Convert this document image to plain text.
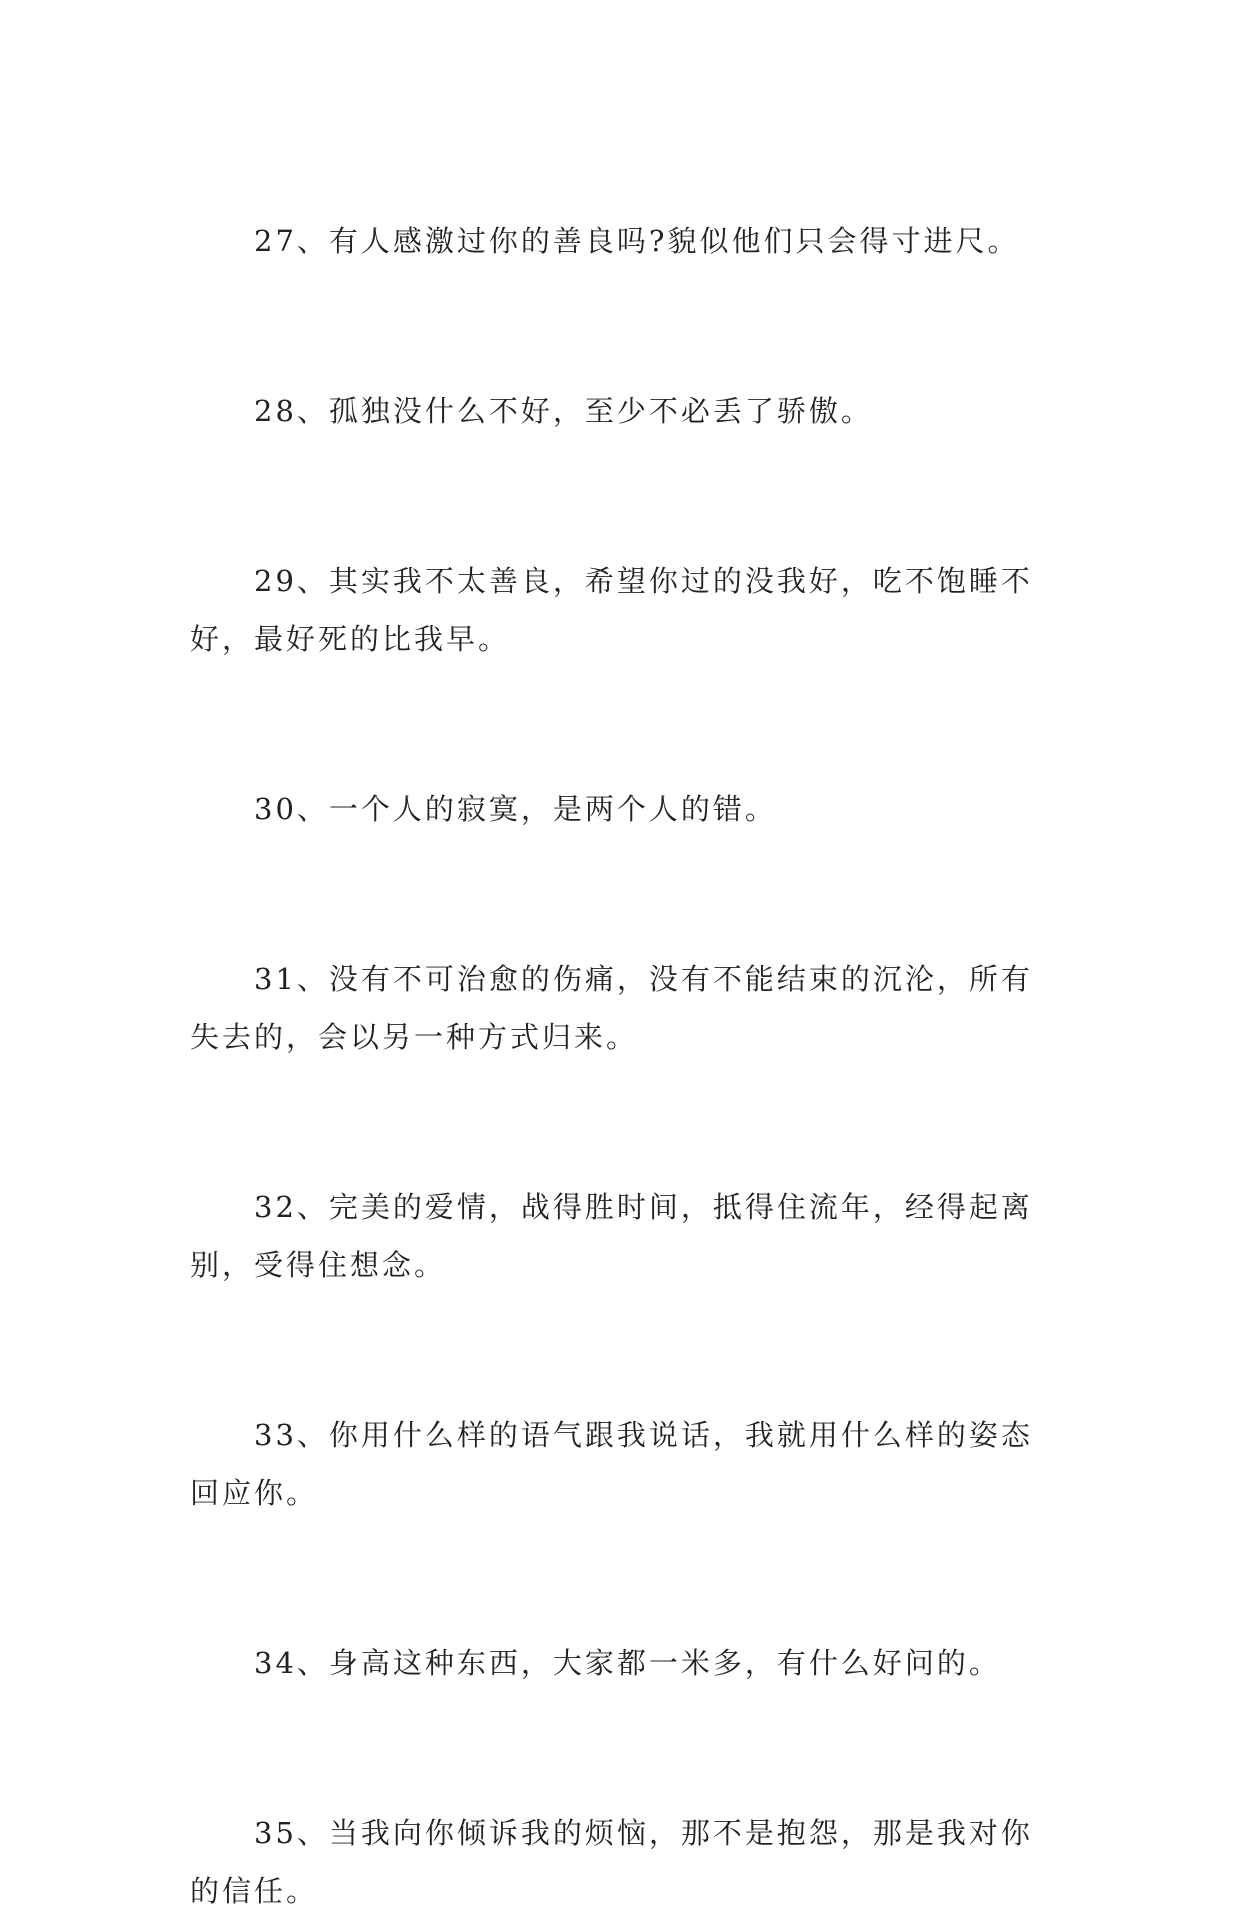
27、有人感激过你的善良吗?貌似他们只会得寸进尺。

28、孤独没什么不好，至少不必丢了骄傲。

29、其实我不太善良，希望你过的没我好，吃不饱睡不好，最好死的比我早。

30、一个人的寂寞，是两个人的错。

31、没有不可治愈的伤痛，没有不能结束的沉沦，所有失去的，会以另一种方式归来。

32、完美的爱情，战得胜时间，抵得住流年，经得起离别，受得住想念。

33、你用什么样的语气跟我说话，我就用什么样的姿态回应你。

34、身高这种东西，大家都一米多，有什么好问的。

35、当我向你倾诉我的烦恼，那不是抱怨，那是我对你的信任。
